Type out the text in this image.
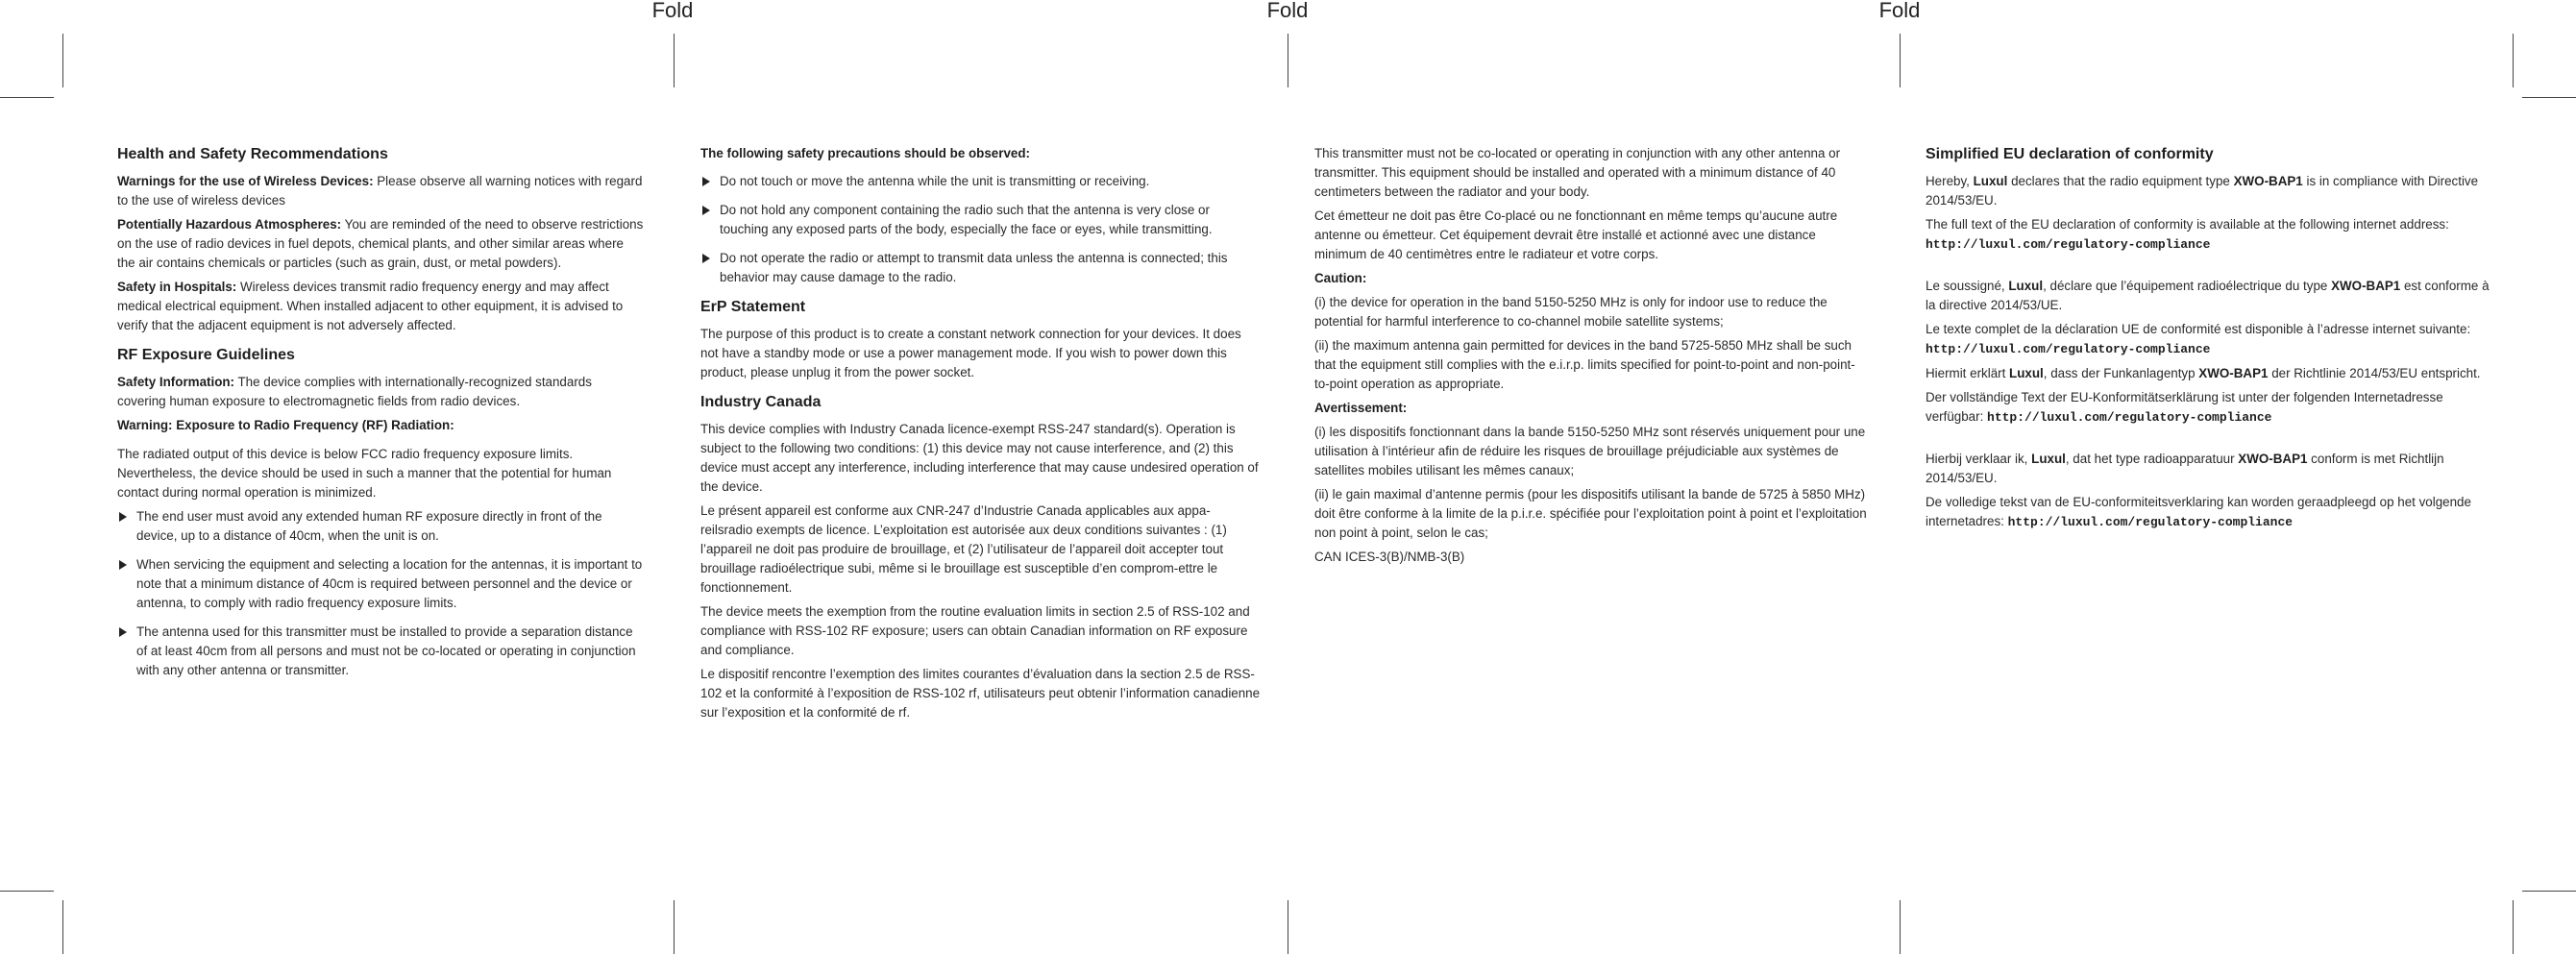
Fold	Fold	Fold
Health and Safety Recommendations

Warnings for the use of Wireless Devices: Please observe all warning notices with regard to the use of wireless devices

Potentially Hazardous Atmospheres: You are reminded of the need to observe restrictions on the use of radio devices in fuel depots, chemical plants, and other similar areas where the air contains chemicals or particles (such as grain, dust, or metal powders).

Safety in Hospitals: Wireless devices transmit radio frequency energy and may affect medical electrical equipment. When installed adjacent to other equipment, it is advised to verify that the adjacent equipment is not adversely affected.

RF Exposure Guidelines

Safety Information: The device complies with internationally-recognized standards covering human exposure to electromagnetic fields from radio devices.

Warning: Exposure to Radio Frequency (RF) Radiation:

The radiated output of this device is below FCC radio frequency exposure limits. Nevertheless, the device should be used in such a manner that the potential for human contact during normal operation is minimized.

The end user must avoid any extended human RF exposure directly in front of the device, up to a distance of 40cm, when the unit is on.
When servicing the equipment and selecting a location for the antennas, it is important to note that a minimum distance of 40cm is required between personnel and the device or antenna, to comply with radio frequency exposure limits.
The antenna used for this transmitter must be installed to provide a separation distance of at least 40cm from all persons and must not be co-located or operating in conjunction with any other antenna or transmitter.

The following safety precautions should be observed:

Do not touch or move the antenna while the unit is transmitting or receiving.
Do not hold any component containing the radio such that the antenna is very close or touching any exposed parts of the body, especially the face or eyes, while transmitting.
Do not operate the radio or attempt to transmit data unless the antenna is connected; this behavior may cause damage to the radio.
ErP Statement

The purpose of this product is to create a constant network connection for your devices. It does not have a standby mode or use a power management mode. If you wish to power down this product, please unplug it from the power socket.

Industry Canada

This device complies with Industry Canada licence-exempt RSS-247 standard(s). Operation is subject to the following two conditions: (1) this device may not cause interference, and (2) this device must accept any interference, including interference that may cause undesired operation of the device.

Le présent appareil est conforme aux CNR-247 d’Industrie Canada applicables aux appa-reilsradio exempts de licence. L’exploitation est autorisée aux deux conditions suivantes : (1) l’appareil ne doit pas produire de brouillage, et (2) l’utilisateur de l’appareil doit accepter tout brouillage radioélectrique subi, même si le brouillage est susceptible d’en comprom-ettre le fonctionnement.

The device meets the exemption from the routine evaluation limits in section 2.5 of RSS-102 and compliance with RSS-102 RF exposure; users can obtain Canadian information on RF exposure and compliance.

Le dispositif rencontre l’exemption des limites courantes d’évaluation dans la section 2.5 de RSS-102 et la conformité à l’exposition de RSS-102 rf, utilisateurs peut obtenir l’information canadienne sur l’exposition et la conformité de rf.

This transmitter must not be co-located or operating in conjunction with any other antenna or transmitter. This equipment should be installed and operated with a minimum distance of 40 centimeters between the radiator and your body.

Cet émetteur ne doit pas être Co-placé ou ne fonctionnant en même temps qu’aucune autre antenne ou émetteur. Cet équipement devrait être installé et actionné avec une distance minimum de 40 centimètres entre le radiateur et votre corps.

Caution:

(i) the device for operation in the band 5150-5250 MHz is only for indoor use to reduce the potential for harmful interference to co-channel mobile satellite systems;

(ii) the maximum antenna gain permitted for devices in the band 5725-5850 MHz shall be such that the equipment still complies with the e.i.r.p. limits specified for point-to-point and non-point-to-point operation as appropriate.

Avertissement:

(i) les dispositifs fonctionnant dans la bande 5150-5250 MHz sont réservés uniquement pour une utilisation à l’intérieur afin de réduire les risques de brouillage préjudiciable aux systèmes de satellites mobiles utilisant les mêmes canaux;

(ii) le gain maximal d’antenne permis (pour les dispositifs utilisant la bande de 5725 à 5850 MHz) doit être conforme à la limite de la p.i.r.e. spécifiée pour l’exploitation point à point et l’exploitation non point à point, selon le cas;

CAN ICES-3(B)/NMB-3(B)

Simplified EU declaration of conformity

Hereby, Luxul declares that the radio equipment type XWO-BAP1 is in compliance with Directive 2014/53/EU.

The full text of the EU declaration of conformity is available at the following internet address: http://luxul.com/regulatory-compliance

Le soussigné, Luxul, déclare que l’équipement radioélectrique du type XWO-BAP1 est conforme à la directive 2014/53/UE.

Le texte complet de la déclaration UE de conformité est disponible à l’adresse internet suivante: http://luxul.com/regulatory-compliance

Hiermit erklärt Luxul, dass der Funkanlagentyp XWO-BAP1 der Richtlinie 2014/53/EU entspricht.

Der vollständige Text der EU-Konformitätserklärung ist unter der folgenden Internetadresse verfügbar: http://luxul.com/regulatory-compliance

Hierbij verklaar ik, Luxul, dat het type radioapparatuur XWO-BAP1 conform is met Richtlijn 2014/53/EU.

De volledige tekst van de EU-conformiteitsverklaring kan worden geraadpleegd op het volgende internetadres: http://luxul.com/regulatory-compliance
